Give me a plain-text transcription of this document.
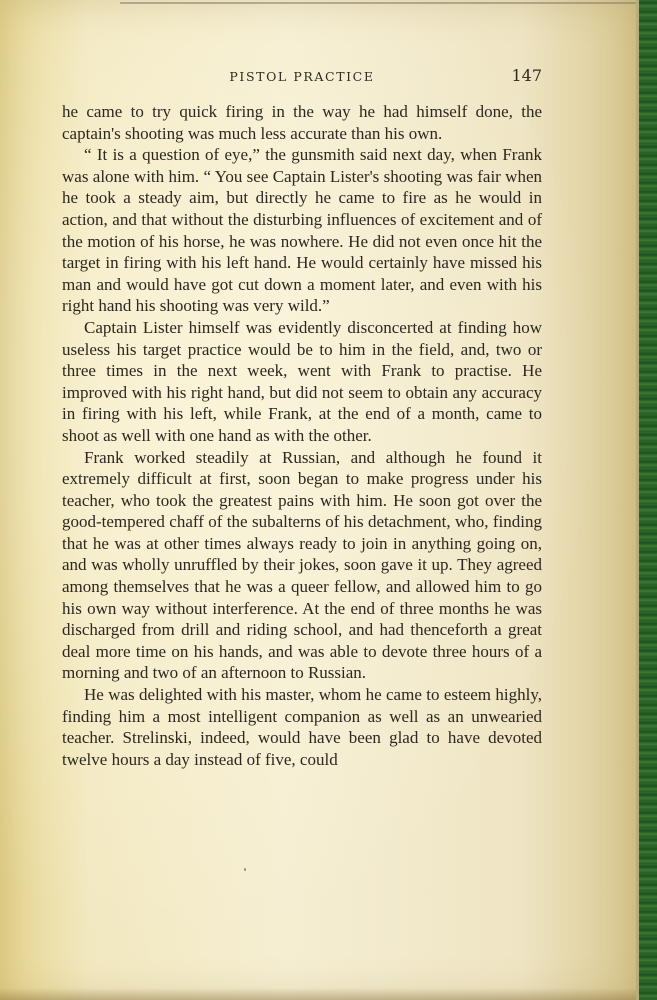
PISTOL PRACTICE	147

he came to try quick firing in the way he had himself done, the captain's shooting was much less accurate than his own.

“ It is a question of eye,” the gunsmith said next day, when Frank was alone with him. “ You see Captain Lister's shooting was fair when he took a steady aim, but directly he came to fire as he would in action, and that without the disturbing influences of excitement and of the motion of his horse, he was nowhere. He did not even once hit the target in firing with his left hand. He would certainly have missed his man and would have got cut down a moment later, and even with his right hand his shooting was very wild.”

Captain Lister himself was evidently disconcerted at finding how useless his target practice would be to him in the field, and, two or three times in the next week, went with Frank to practise. He improved with his right hand, but did not seem to obtain any accuracy in firing with his left, while Frank, at the end of a month, came to shoot as well with one hand as with the other.

Frank worked steadily at Russian, and although he found it extremely difficult at first, soon began to make progress under his teacher, who took the greatest pains with him. He soon got over the good-tempered chaff of the subalterns of his detachment, who, finding that he was at other times always ready to join in anything going on, and was wholly unruffled by their jokes, soon gave it up. They agreed among themselves that he was a queer fellow, and allowed him to go his own way without interference. At the end of three months he was discharged from drill and riding school, and had thenceforth a great deal more time on his hands, and was able to devote three hours of a morning and two of an afternoon to Russian.

He was delighted with his master, whom he came to esteem highly, finding him a most intelligent companion as well as an unwearied teacher. Strelinski, indeed, would have been glad to have devoted twelve hours a day instead of five, could
